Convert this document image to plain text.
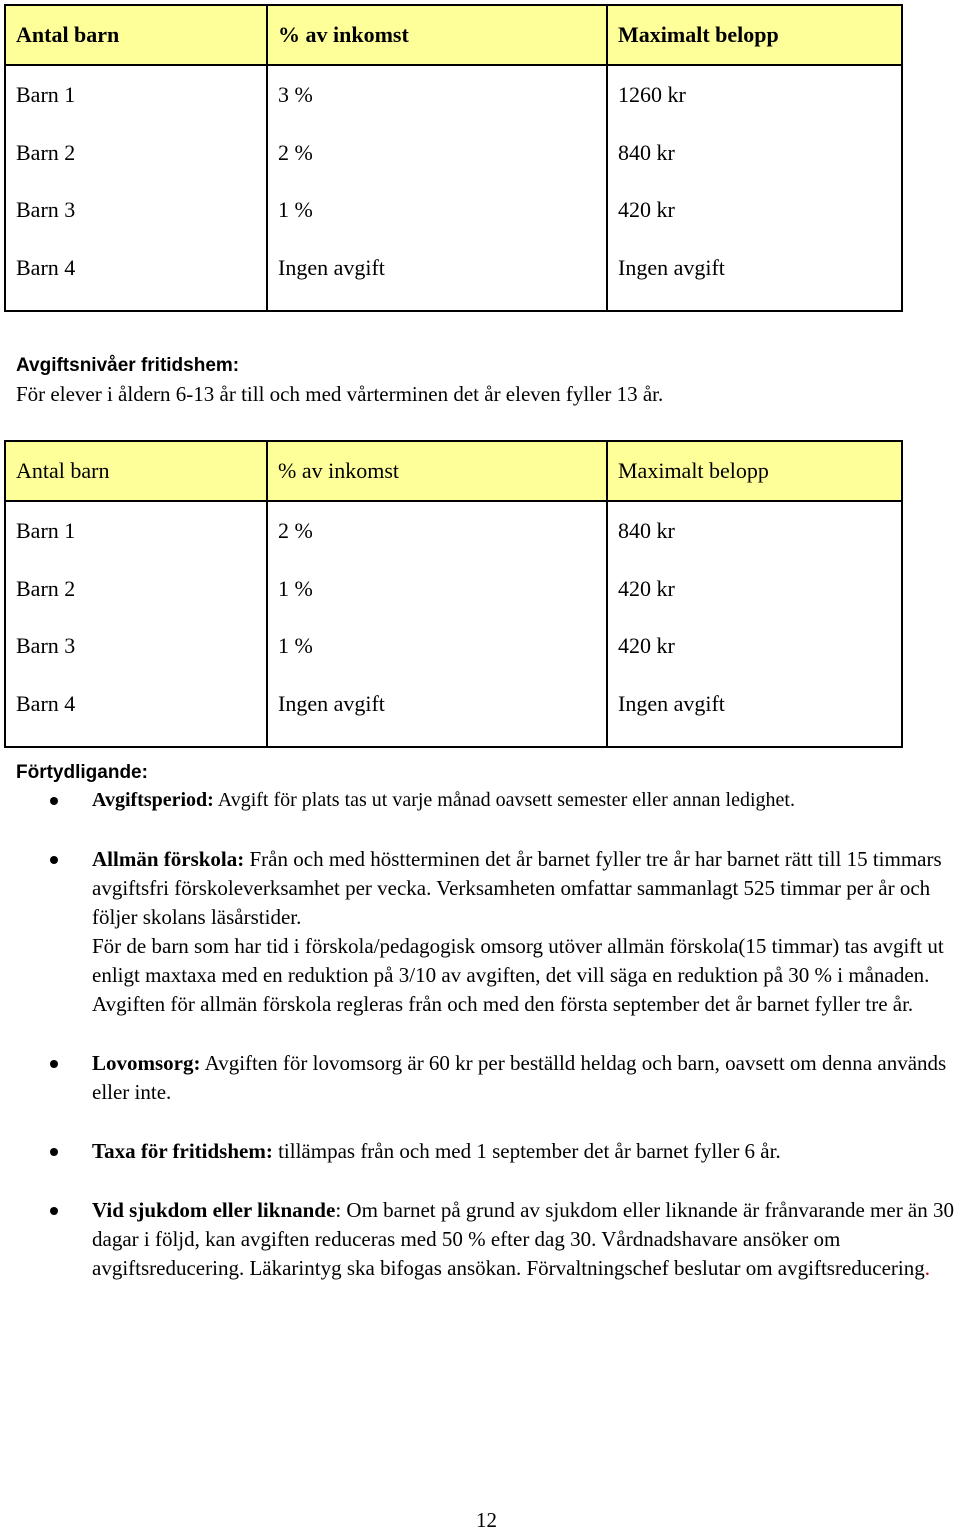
Antal barn	% av inkomst	Maximalt belopp
Barn 1	3 %	1260 kr
Barn 2	2 %	840 kr
Barn 3	1 %	420 kr
Barn 4	Ingen avgift	Ingen avgift
Avgiftsnivåer fritidshem:
För elever i åldern 6-13 år till och med vårterminen det år eleven fyller 13 år.
Antal barn	% av inkomst	Maximalt belopp
Barn 1	2 %	840 kr
Barn 2	1 %	420 kr
Barn 3	1 %	420 kr
Barn 4	Ingen avgift	Ingen avgift
Förtydligande:
Avgiftsperiod: Avgift för plats tas ut varje månad oavsett semester eller annan ledighet.
Allmän förskola: Från och med höstterminen det år barnet fyller tre år har barnet rätt till 15 timmars avgiftsfri förskoleverksamhet per vecka. Verksamheten omfattar sammanlagt 525 timmar per år och följer skolans läsårstider.
För de barn som har tid i förskola/pedagogisk omsorg utöver allmän förskola(15 timmar) tas avgift ut enligt maxtaxa med en reduktion på 3/10 av avgiften, det vill säga en reduktion på 30 % i månaden. Avgiften för allmän förskola regleras från och med den första september det år barnet fyller tre år.
Lovomsorg: Avgiften för lovomsorg är 60 kr per beställd heldag och barn, oavsett om denna används eller inte.
Taxa för fritidshem: tillämpas från och med 1 september det år barnet fyller 6 år.
Vid sjukdom eller liknande: Om barnet på grund av sjukdom eller liknande är frånvarande mer än 30 dagar i följd, kan avgiften reduceras med 50 % efter dag 30. Vårdnadshavare ansöker om avgiftsreducering. Läkarintyg ska bifogas ansökan. Förvaltningschef beslutar om avgiftsreducering.
12
